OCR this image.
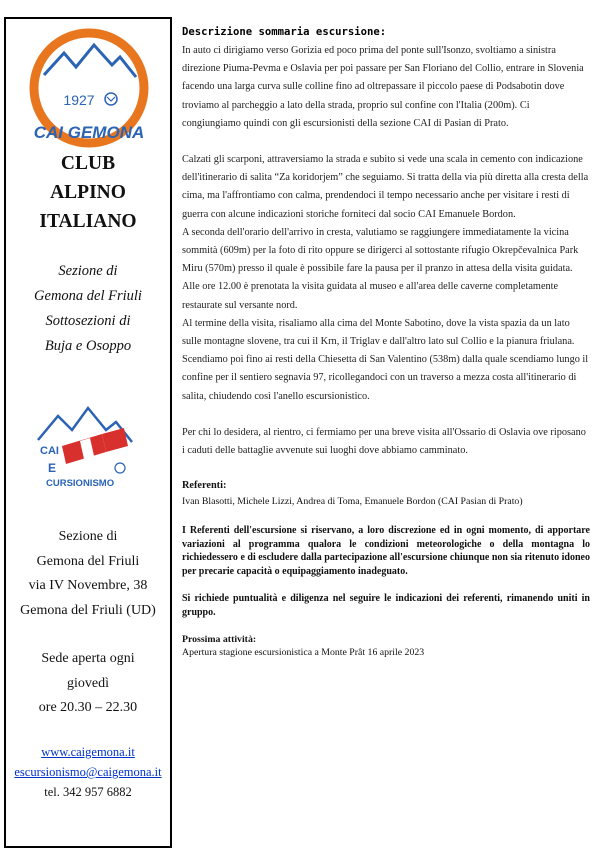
1927
CAI GEMONA
CLUB
ALPINO
ITALIANO
Sezione di
Gemona del Friuli
Sottosezioni di
Buja e Osoppo
CAI
E
CURSIONISMO
Sezione di
Gemona del Friuli
via IV Novembre, 38
Gemona del Friuli (UD)
Sede aperta ogni
giovedì
ore 20.30 – 22.30
www.caigemona.it
escursionismo@caigemona.it
tel. 342 957 6882

Descrizione sommaria escursione:

In auto ci dirigiamo verso Gorizia ed poco prima del ponte sull'Isonzo, svoltiamo a sinistra direzione Piuma-Pevma e Oslavia per poi passare per San Floriano del Collio, entrare in Slovenia facendo una larga curva sulle colline fino ad oltrepassare il piccolo paese di Podsabotin dove troviamo al parcheggio a lato della strada, proprio sul confine con l'Italia (200m). Ci congiungiamo quindi con gli escursionisti della sezione CAI di Pasian di Prato.

Calzati gli scarponi, attraversiamo la strada e subito si vede una scala in cemento con indicazione dell'itinerario di salita “Za koridorjem” che seguiamo. Si tratta della via più diretta alla cresta della cima, ma l'affrontiamo con calma, prendendoci il tempo necessario anche per visitare i resti di guerra con alcune indicazioni storiche forniteci dal socio CAI Emanuele Bordon.

A seconda dell'orario dell'arrivo in cresta, valutiamo se raggiungere immediatamente la vicina sommità (609m) per la foto di rito oppure se dirigerci al sottostante rifugio Okrepčevalnica Park Miru (570m) presso il quale è possibile fare la pausa per il pranzo in attesa della visita guidata.

Alle ore 12.00 è prenotata la visita guidata al museo e all'area delle caverne completamente restaurate sul versante nord.

Al termine della visita, risaliamo alla cima del Monte Sabotino, dove la vista spazia da un lato sulle montagne slovene, tra cui il Krn, il Triglav e dall'altro lato sul Collio e la pianura friulana. Scendiamo poi fino ai resti della Chiesetta di San Valentino (538m) dalla quale scendiamo lungo il confine per il sentiero segnavia 97, ricollegandoci con un traverso a mezza costa all'itinerario di salita, chiudendo così l'anello escursionistico.

Per chi lo desidera, al rientro, ci fermiamo per una breve visita all'Ossario di Oslavia ove riposano i caduti delle battaglie avvenute sui luoghi dove abbiamo camminato.

Referenti:

Ivan Blasotti, Michele Lizzi, Andrea di Toma, Emanuele Bordon (CAI Pasian di Prato)

I Referenti dell'escursione si riservano, a loro discrezione ed in ogni momento, di apportare variazioni al programma qualora le condizioni meteorologiche o della montagna lo richiedessero e di escludere dalla partecipazione all'escursione chiunque non sia ritenuto idoneo per precarie capacità o equipaggiamento inadeguato.

Si richiede puntualità e diligenza nel seguire le indicazioni dei referenti, rimanendo uniti in gruppo.

Prossima attività:

Apertura stagione escursionistica a Monte Prât 16 aprile 2023
